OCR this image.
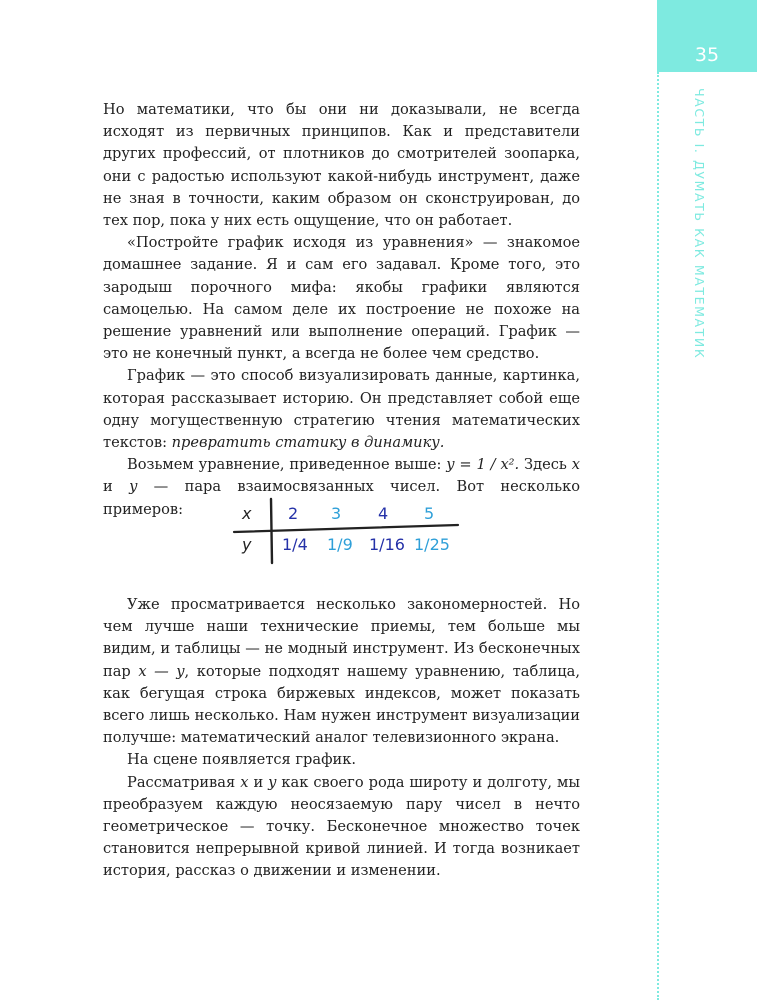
35
ЧАСТЬ I. ДУМАТЬ КАК МАТЕМАТИК

Но математики, что бы они ни доказывали, не всегда исходят из первичных принципов. Как и представители других профессий, от плотников до смотрителей зоопарка, они с радостью используют какой-нибудь инструмент, даже не зная в точности, каким образом он сконструирован, до тех пор, пока у них есть ощущение, что он работает.

«Постройте график исходя из уравнения» — знакомое домашнее задание. Я и сам его задавал. Кроме того, это зародыш порочного мифа: якобы графики являются самоцелью. На самом деле их построение не похоже на решение уравнений или выполнение операций. График — это не конечный пункт, а всегда не более чем средство.

График — это способ визуализировать данные, картинка, которая рассказывает историю. Он представляет собой еще одну могущественную стратегию чтения математических текстов: превратить статику в динамику.

Возьмем уравнение, приведенное выше: y = 1 / x². Здесь x и y — пара взаимосвязанных чисел. Вот несколько примеров:	x
y
2 3 4 5
1/4 1/9 1/16 1/25

Уже просматривается несколько закономерностей. Но чем лучше наши технические приемы, тем больше мы видим, и таблицы — не модный инструмент. Из бесконечных пар x — y, которые подходят нашему уравнению, таблица, как бегущая строка биржевых индексов, может показать всего лишь несколько. Нам нужен инструмент визуализации получше: математический аналог телевизионного экрана.

На сцене появляется график.

Рассматривая x и y как своего рода широту и долготу, мы преобразуем каждую неосязаемую пару чисел в нечто геометрическое — точку. Бесконечное множество точек становится непрерывной кривой линией. И тогда возникает история, рассказ о движении и изменении.
